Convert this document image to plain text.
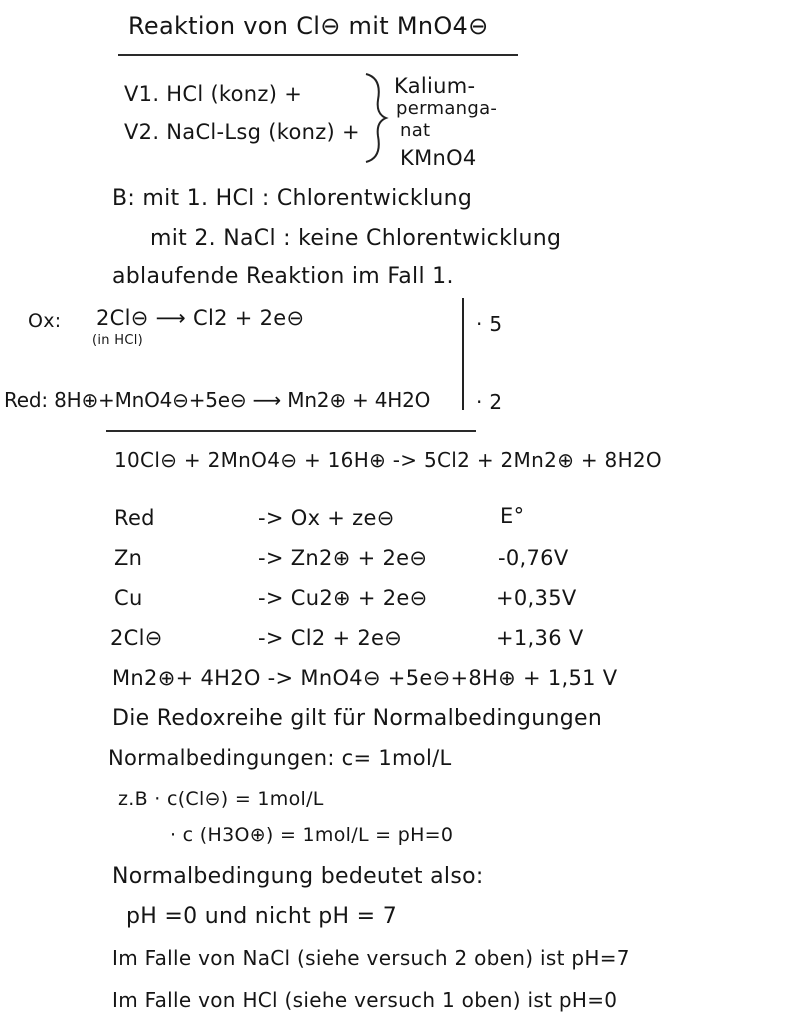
Reaktion von Cl⊖ mit MnO4⊖
V1. HCl (konz) +
V2. NaCl-Lsg (konz) +
Kalium-
permanga-
nat
KMnO4
B: mit 1. HCl : Chlorentwicklung
mit 2. NaCl : keine Chlorentwicklung
ablaufende Reaktion im Fall 1.
Ox: 2Cl⊖ ⟶ Cl2 + 2e⊖
(in HCl)
· 5
Red: 8H⊕+MnO4⊖+5e⊖ ⟶ Mn2⊕ + 4H2O · 2
10Cl⊖ + 2MnO4⊖ + 16H⊕ -> 5Cl2 + 2Mn2⊕ + 8H2O
Red	-> Ox + ze⊖	E°
Zn	-> Zn2⊕ + 2e⊖	-0,76V
Cu	-> Cu2⊕ + 2e⊖	+0,35V
2Cl⊖	-> Cl2 + 2e⊖	+1,36 V
Mn2⊕+ 4H2O -> MnO4⊖ +5e⊖+8H⊕ + 1,51 V
Die Redoxreihe gilt für Normalbedingungen
Normalbedingungen: c= 1mol/L
z.B · c(Cl⊖) = 1mol/L
· c (H3O⊕) = 1mol/L = pH=0
Normalbedingung bedeutet also:
pH =0 und nicht pH = 7
Im Falle von NaCl (siehe versuch 2 oben) ist pH=7
Im Falle von HCl (siehe versuch 1 oben) ist pH=0
